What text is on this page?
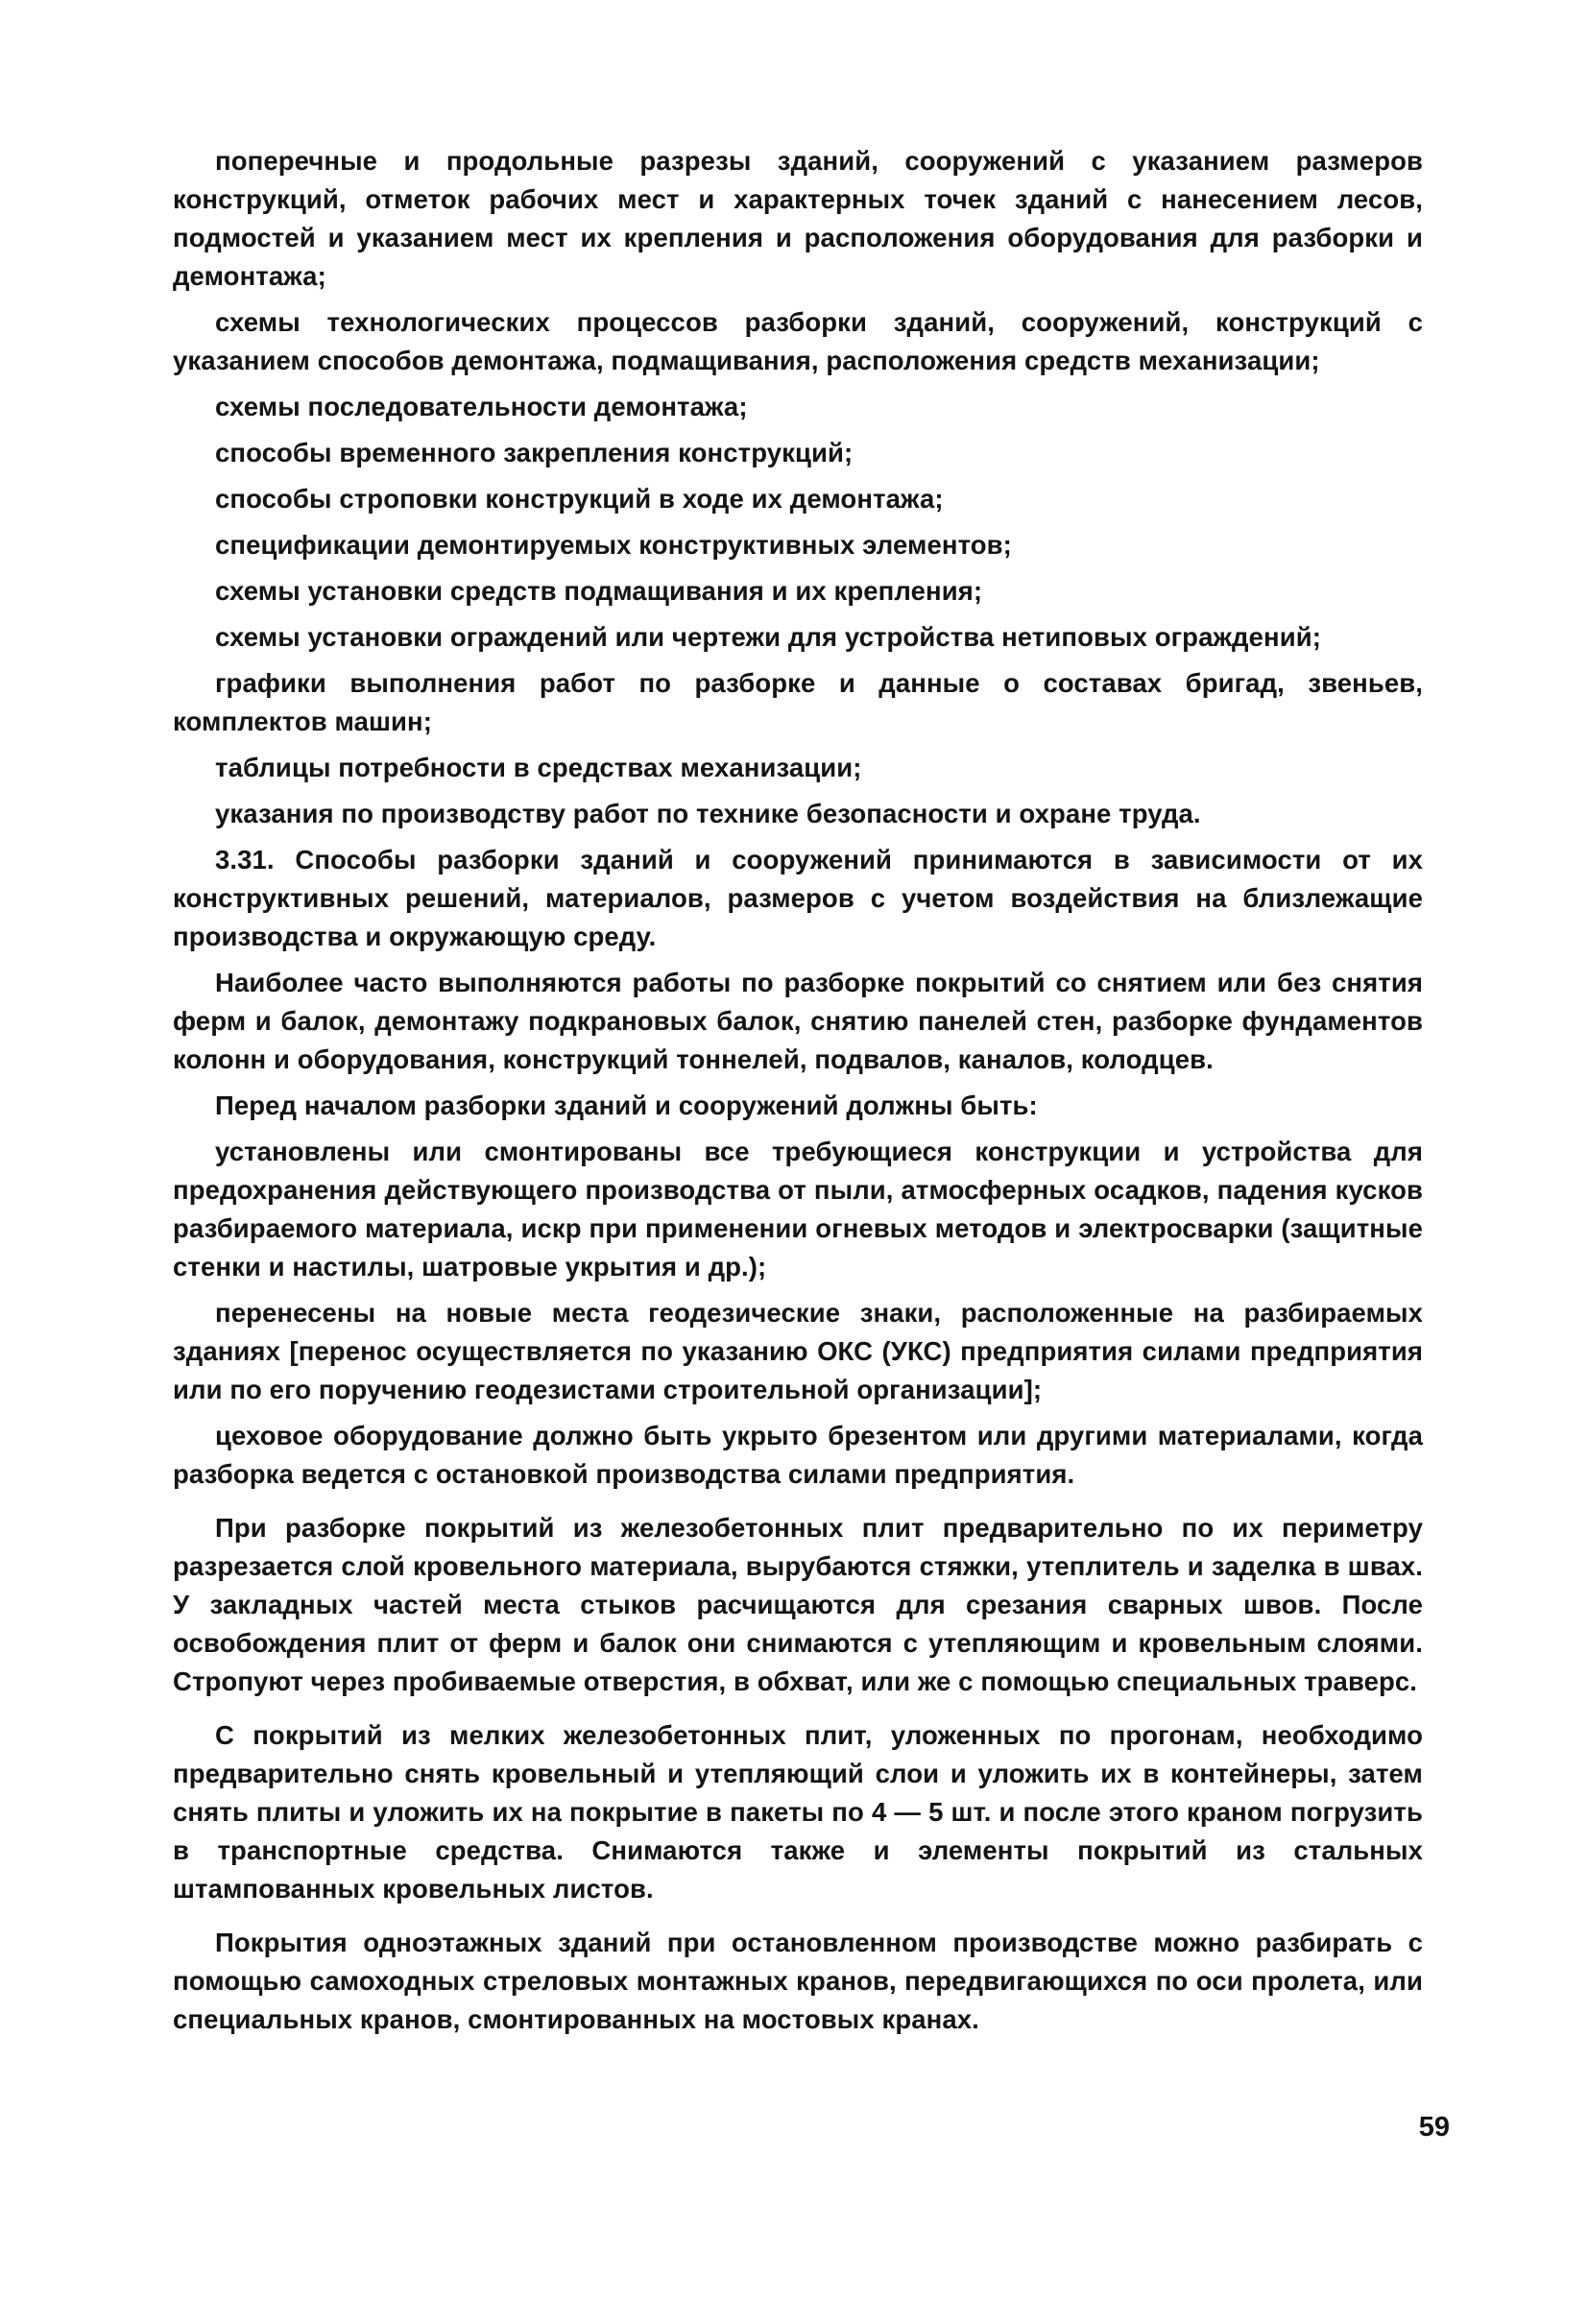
поперечные и продольные разрезы зданий, сооружений с указанием размеров конструкций, отметок рабочих мест и характерных точек зданий с нанесением лесов, подмостей и указанием мест их крепления и расположения оборудования для разборки и демонтажа;

схемы технологических процессов разборки зданий, сооружений, конструкций с указанием способов демонтажа, подмащивания, расположения средств механизации;

схемы последовательности демонтажа;

способы временного закрепления конструкций;

способы строповки конструкций в ходе их демонтажа;

спецификации демонтируемых конструктивных элементов;

схемы установки средств подмащивания и их крепления;

схемы установки ограждений или чертежи для устройства нетиповых ограждений;

графики выполнения работ по разборке и данные о составах бригад, звеньев, комплектов машин;

таблицы потребности в средствах механизации;

указания по производству работ по технике безопасности и охране труда.

3.31. Способы разборки зданий и сооружений принимаются в зависимости от их конструктивных решений, материалов, размеров с учетом воздействия на близлежащие производства и окружающую среду.

Наиболее часто выполняются работы по разборке покрытий со снятием или без снятия ферм и балок, демонтажу подкрановых балок, снятию панелей стен, разборке фундаментов колонн и оборудования, конструкций тоннелей, подвалов, каналов, колодцев.

Перед началом разборки зданий и сооружений должны быть:

установлены или смонтированы все требующиеся конструкции и устройства для предохранения действующего производства от пыли, атмосферных осадков, падения кусков разбираемого материала, искр при применении огневых методов и электросварки (защитные стенки и настилы, шатровые укрытия и др.);

перенесены на новые места геодезические знаки, расположенные на разбираемых зданиях [перенос осуществляется по указанию ОКС (УКС) предприятия силами предприятия или по его поручению геодезистами строительной организации];

цеховое оборудование должно быть укрыто брезентом или другими материалами, когда разборка ведется с остановкой производства силами предприятия.

При разборке покрытий из железобетонных плит предварительно по их периметру разрезается слой кровельного материала, вырубаются стяжки, утеплитель и заделка в швах. У закладных частей места стыков расчищаются для срезания сварных швов. После освобождения плит от ферм и балок они снимаются с утепляющим и кровельным слоями. Стропуют через пробиваемые отверстия, в обхват, или же с помощью специальных траверс.

С покрытий из мелких железобетонных плит, уложенных по прогонам, необходимо предварительно снять кровельный и утепляющий слои и уложить их в контейнеры, затем снять плиты и уложить их на покрытие в пакеты по 4 — 5 шт. и после этого краном погрузить в транспортные средства. Снимаются также и элементы покрытий из стальных штампованных кровельных листов.

Покрытия одноэтажных зданий при остановленном производстве можно разбирать с помощью самоходных стреловых монтажных кранов, передвигающихся по оси пролета, или специальных кранов, смонтированных на мостовых кранах.

59
